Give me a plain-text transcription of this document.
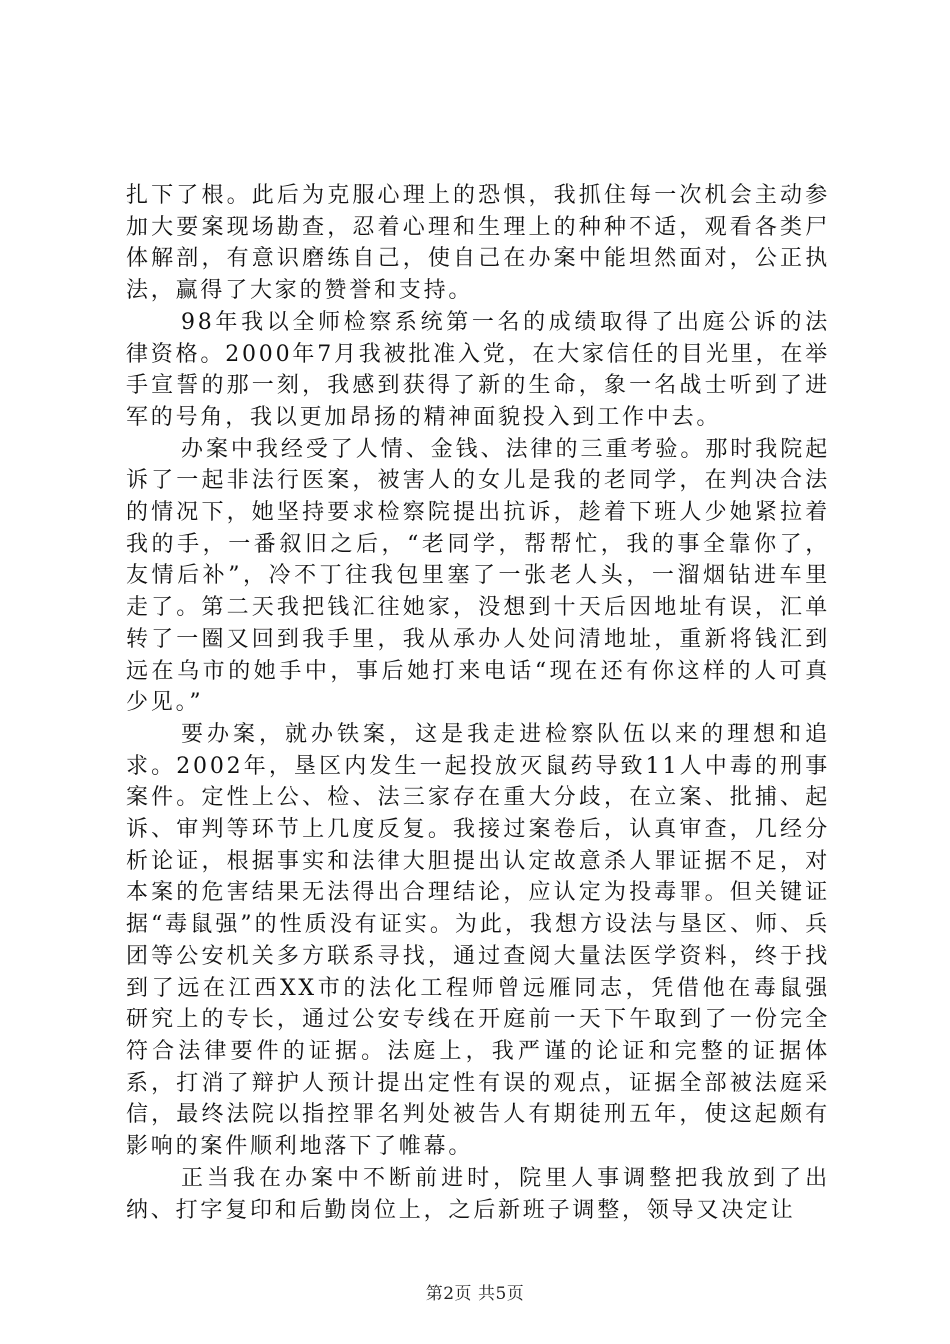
扎下了根。此后为克服心理上的恐惧，我抓住每一次机会主动参加大要案现场勘查，忍着心理和生理上的种种不适，观看各类尸体解剖，有意识磨练自己，使自己在办案中能坦然面对，公正执法，赢得了大家的赞誉和支持。

98年我以全师检察系统第一名的成绩取得了出庭公诉的法律资格。2000年7月我被批准入党，在大家信任的目光里，在举手宣誓的那一刻，我感到获得了新的生命，象一名战士听到了进军的号角，我以更加昂扬的精神面貌投入到工作中去。

办案中我经受了人情、金钱、法律的三重考验。那时我院起诉了一起非法行医案，被害人的女儿是我的老同学，在判决合法的情况下，她坚持要求检察院提出抗诉，趁着下班人少她紧拉着我的手，一番叙旧之后，“老同学，帮帮忙，我的事全靠你了，友情后补”，冷不丁往我包里塞了一张老人头，一溜烟钻进车里走了。第二天我把钱汇往她家，没想到十天后因地址有误，汇单转了一圈又回到我手里，我从承办人处问清地址，重新将钱汇到远在乌市的她手中，事后她打来电话“现在还有你这样的人可真少见。”

要办案，就办铁案，这是我走进检察队伍以来的理想和追求。2002年，垦区内发生一起投放灭鼠药导致11人中毒的刑事案件。定性上公、检、法三家存在重大分歧，在立案、批捕、起诉、审判等环节上几度反复。我接过案卷后，认真审查，几经分析论证，根据事实和法律大胆提出认定故意杀人罪证据不足，对本案的危害结果无法得出合理结论，应认定为投毒罪。但关键证据“毒鼠强”的性质没有证实。为此，我想方设法与垦区、师、兵团等公安机关多方联系寻找，通过查阅大量法医学资料，终于找到了远在江西XX市的法化工程师曾远雁同志，凭借他在毒鼠强研究上的专长，通过公安专线在开庭前一天下午取到了一份完全符合法律要件的证据。法庭上，我严谨的论证和完整的证据体系，打消了辩护人预计提出定性有误的观点，证据全部被法庭采信，最终法院以指控罪名判处被告人有期徒刑五年，使这起颇有影响的案件顺利地落下了帷幕。

正当我在办案中不断前进时，院里人事调整把我放到了出纳、打字复印和后勤岗位上，之后新班子调整，领导又决定让

第2页 共5页
